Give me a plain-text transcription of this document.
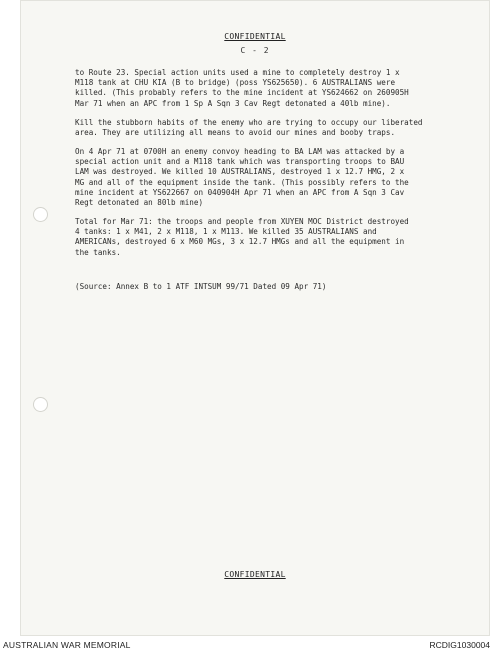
CONFIDENTIAL
C - 2
to Route 23. Special action units used a mine to completely destroy 1 x
M118 tank at CHU KIA (B to bridge) (poss YS625650). 6 AUSTRALIANS were
killed. (This probably refers to the mine incident at YS624662 on 260905H
Mar 71 when an APC from 1 Sp A Sqn 3 Cav Regt detonated a 40lb mine).
Kill the stubborn habits of the enemy who are trying to occupy our liberated
area. They are utilizing all means to avoid our mines and booby traps.
On 4 Apr 71 at 0700H an enemy convoy heading to BA LAM was attacked by a
special action unit and a M118 tank which was transporting troops to BAU
LAM was destroyed. We killed 10 AUSTRALIANS, destroyed 1 x 12.7 HMG, 2 x
MG and all of the equipment inside the tank. (This possibly refers to the
mine incident at YS622667 on 040904H Apr 71 when an APC from A Sqn 3 Cav
Regt detonated an 80lb mine)
Total for Mar 71: the troops and people from XUYEN MOC District destroyed
4 tanks: 1 x M41, 2 x M118, 1 x M113. We killed 35 AUSTRALIANS and
AMERICANs, destroyed 6 x M60 MGs, 3 x 12.7 HMGs and all the equipment in
the tanks.
(Source: Annex B to 1 ATF INTSUM 99/71 Dated 09 Apr 71)
CONFIDENTIAL
AUSTRALIAN WAR MEMORIAL	RCDIG1030004
